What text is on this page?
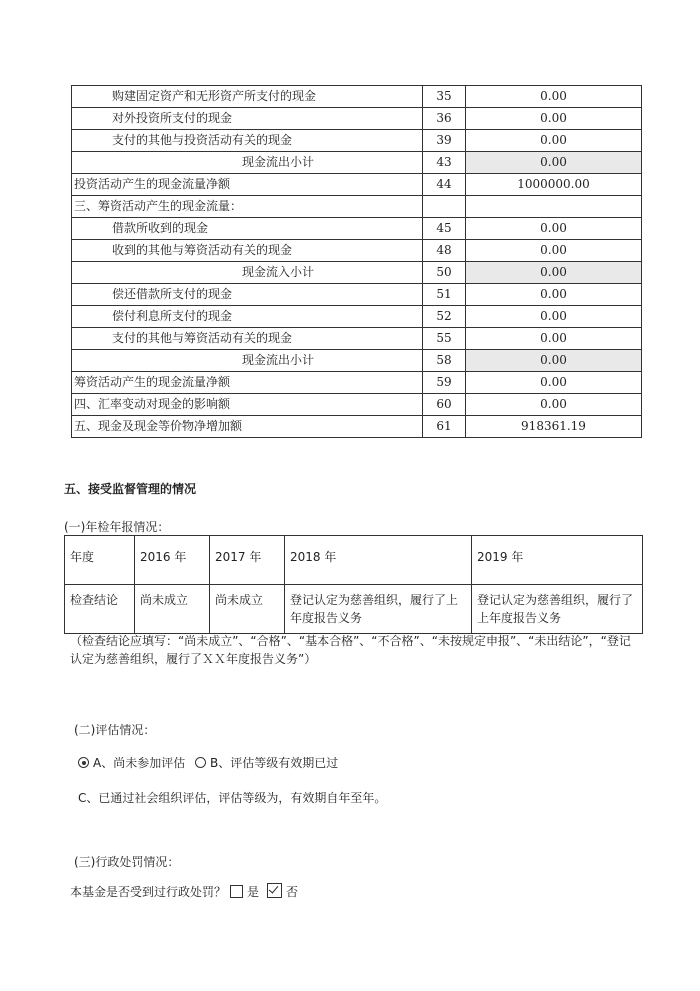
购建固定资产和无形资产所支付的现金	35	0.00
对外投资所支付的现金	36	0.00
支付的其他与投资活动有关的现金	39	0.00
现金流出小计	43	0.00
投资活动产生的现金流量净额	44	1000000.00
三、筹资活动产生的现金流量：		
借款所收到的现金	45	0.00
收到的其他与筹资活动有关的现金	48	0.00
现金流入小计	50	0.00
偿还借款所支付的现金	51	0.00
偿付利息所支付的现金	52	0.00
支付的其他与筹资活动有关的现金	55	0.00
现金流出小计	58	0.00
筹资活动产生的现金流量净额	59	0.00
四、汇率变动对现金的影响额	60	0.00
五、现金及现金等价物净增加额	61	918361.19
五、接受监督管理的情况
(一)年检年报情况：
年度	2016 年	2017 年	2018 年	2019 年
检查结论	尚未成立	尚未成立	登记认定为慈善组织，履行了上年度报告义务	登记认定为慈善组织，履行了上年度报告义务
（检查结论应填写：“尚未成立”、“合格”、“基本合格”、“不合格”、“未按规定申报”、“未出结论”，“登记认定为慈善组织，履行了ＸＸ年度报告义务”）
(二)评估情况：
A、尚未参加评估 B、评估等级有效期已过
C、已通过社会组织评估，评估等级为，有效期自年至年。
(三)行政处罚情况：
本基金是否受到过行政处罚？ 是 否
